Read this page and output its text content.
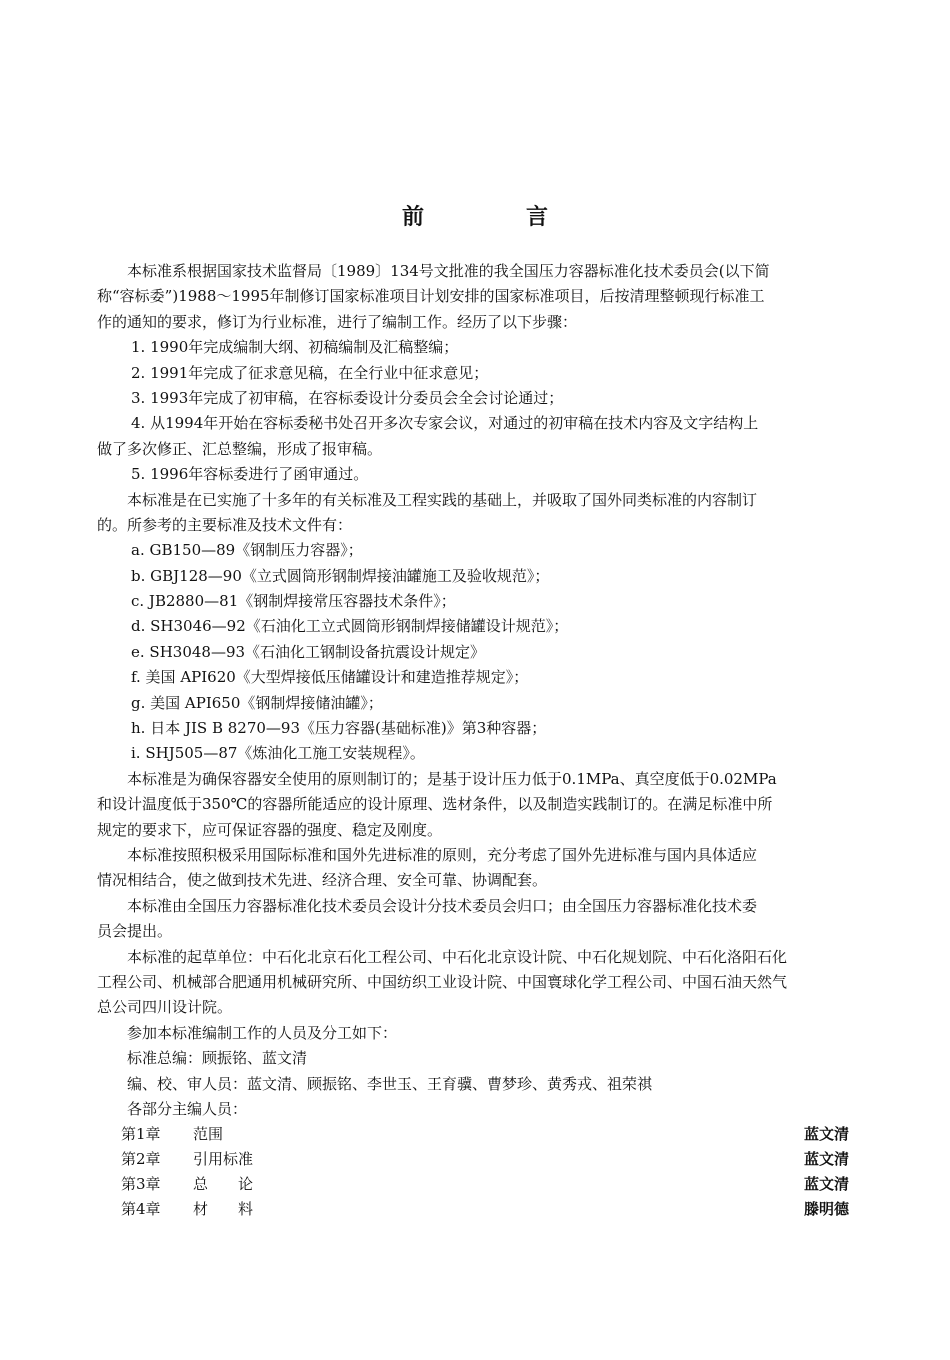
前　言
本标准系根据国家技术监督局〔1989〕134号文批准的我全国压力容器标准化技术委员会(以下简
称“容标委”)1988～1995年制修订国家标准项目计划安排的国家标准项目，后按清理整顿现行标准工
作的通知的要求，修订为行业标准，进行了编制工作。经历了以下步骤：
1. 1990年完成编制大纲、初稿编制及汇稿整编；
2. 1991年完成了征求意见稿，在全行业中征求意见；
3. 1993年完成了初审稿，在容标委设计分委员会全会讨论通过；
4. 从1994年开始在容标委秘书处召开多次专家会议，对通过的初审稿在技术内容及文字结构上
做了多次修正、汇总整编，形成了报审稿。
5. 1996年容标委进行了函审通过。
本标准是在已实施了十多年的有关标准及工程实践的基础上，并吸取了国外同类标准的内容制订
的。所参考的主要标准及技术文件有：
a. GB150—89《钢制压力容器》；
b. GBJ128—90《立式圆筒形钢制焊接油罐施工及验收规范》；
c. JB2880—81《钢制焊接常压容器技术条件》；
d. SH3046—92《石油化工立式圆筒形钢制焊接储罐设计规范》；
e. SH3048—93《石油化工钢制设备抗震设计规定》
f. 美国 API620《大型焊接低压储罐设计和建造推荐规定》；
g. 美国 API650《钢制焊接储油罐》；
h. 日本 JIS B 8270—93《压力容器(基础标准)》第3种容器；
i. SHJ505—87《炼油化工施工安装规程》。
本标准是为确保容器安全使用的原则制订的；是基于设计压力低于0.1MPa、真空度低于0.02MPa
和设计温度低于350℃的容器所能适应的设计原理、选材条件，以及制造实践制订的。在满足标准中所
规定的要求下，应可保证容器的强度、稳定及刚度。
本标准按照积极采用国际标准和国外先进标准的原则，充分考虑了国外先进标准与国内具体适应
情况相结合，使之做到技术先进、经济合理、安全可靠、协调配套。
本标准由全国压力容器标准化技术委员会设计分技术委员会归口；由全国压力容器标准化技术委
员会提出。
本标准的起草单位：中石化北京石化工程公司、中石化北京设计院、中石化规划院、中石化洛阳石化
工程公司、机械部合肥通用机械研究所、中国纺织工业设计院、中国寰球化学工程公司、中国石油天然气
总公司四川设计院。
参加本标准编制工作的人员及分工如下：
标准总编：顾振铭、蓝文清
编、校、审人员：蓝文清、顾振铭、李世玉、王育骥、曹梦珍、黄秀戎、祖荣祺
各部分主编人员：
第1章	范围	蓝文清
第2章	引用标准	蓝文清
第3章	总　　论	蓝文清
第4章	材　　料	滕明德
